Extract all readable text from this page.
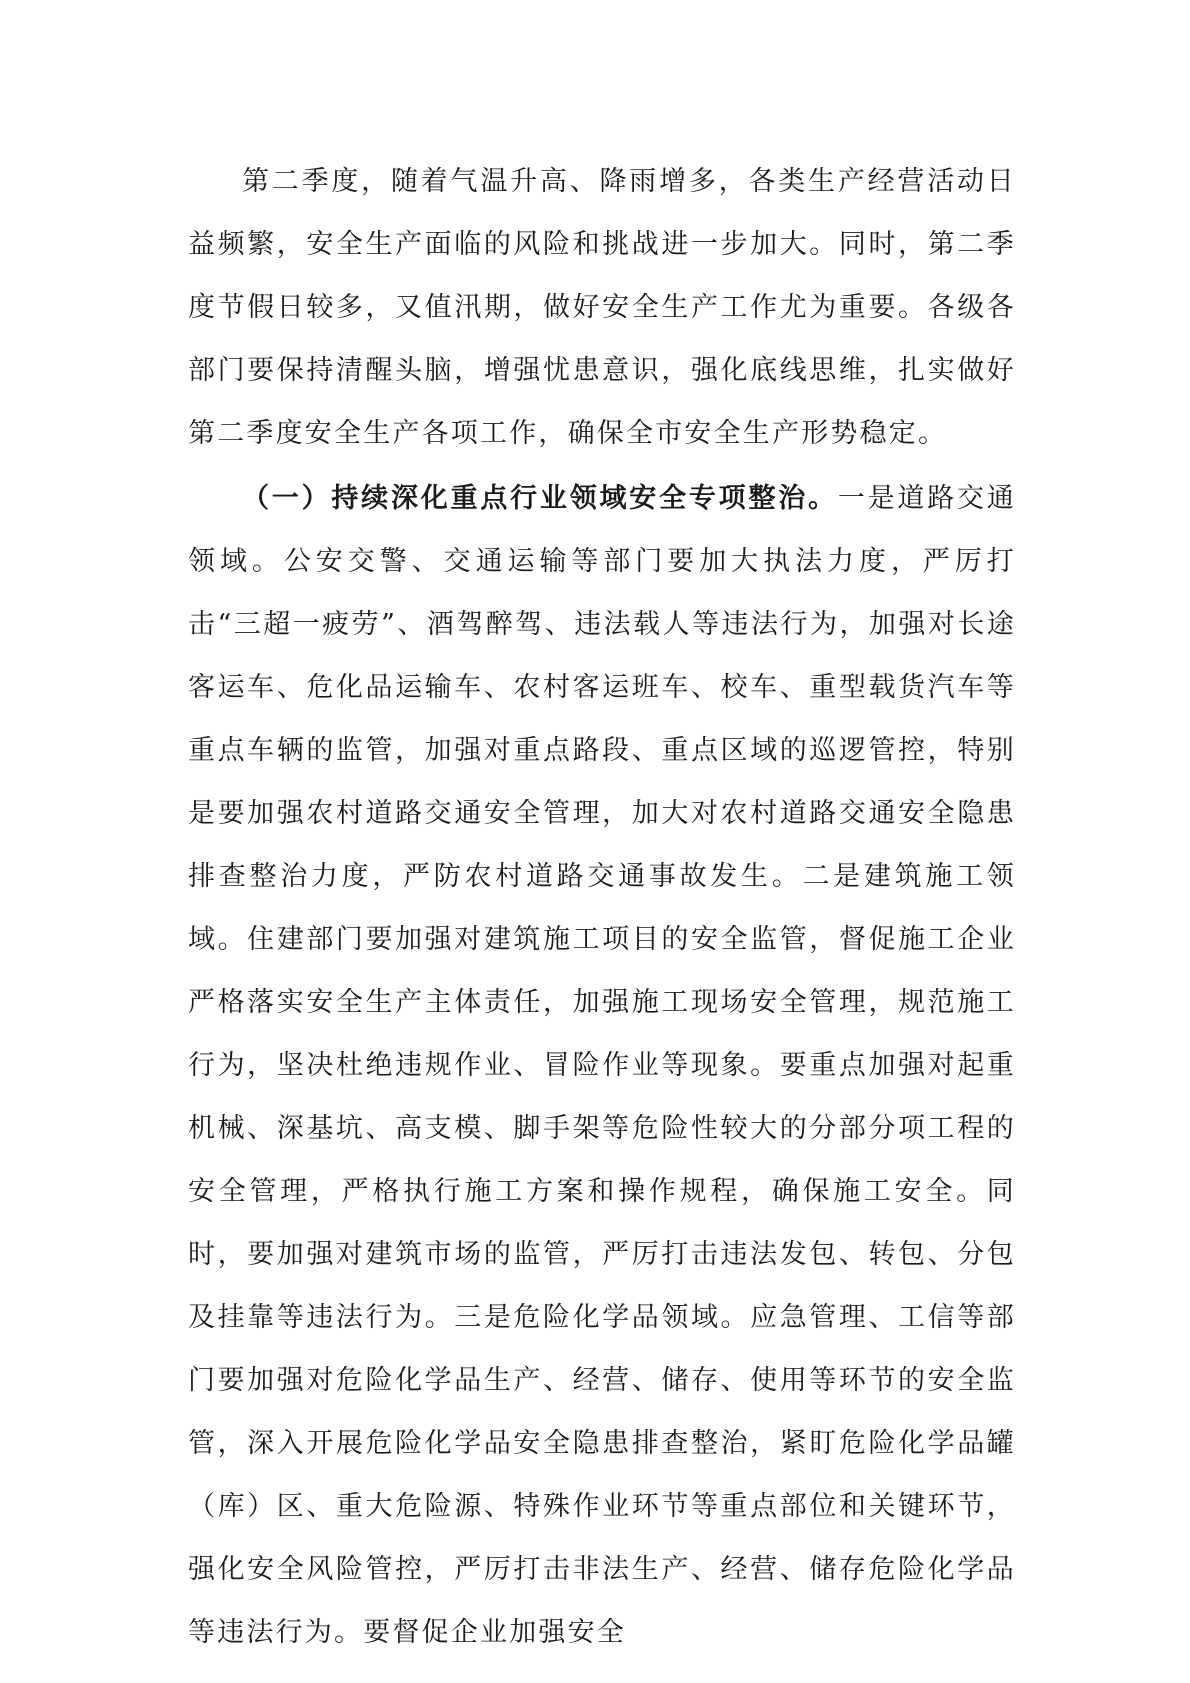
第二季度，随着气温升高、降雨增多，各类生产经营活动日益频繁，安全生产面临的风险和挑战进一步加大。同时，第二季度节假日较多，又值汛期，做好安全生产工作尤为重要。各级各部门要保持清醒头脑，增强忧患意识，强化底线思维，扎实做好第二季度安全生产各项工作，确保全市安全生产形势稳定。

（一）持续深化重点行业领域安全专项整治。一是道路交通领域。公安交警、交通运输等部门要加大执法力度，严厉打击“三超一疲劳”、酒驾醉驾、违法载人等违法行为，加强对长途客运车、危化品运输车、农村客运班车、校车、重型载货汽车等重点车辆的监管，加强对重点路段、重点区域的巡逻管控，特别是要加强农村道路交通安全管理，加大对农村道路交通安全隐患排查整治力度，严防农村道路交通事故发生。二是建筑施工领域。住建部门要加强对建筑施工项目的安全监管，督促施工企业严格落实安全生产主体责任，加强施工现场安全管理，规范施工行为，坚决杜绝违规作业、冒险作业等现象。要重点加强对起重机械、深基坑、高支模、脚手架等危险性较大的分部分项工程的安全管理，严格执行施工方案和操作规程，确保施工安全。同时，要加强对建筑市场的监管，严厉打击违法发包、转包、分包及挂靠等违法行为。三是危险化学品领域。应急管理、工信等部门要加强对危险化学品生产、经营、储存、使用等环节的安全监管，深入开展危险化学品安全隐患排查整治，紧盯危险化学品罐（库）区、重大危险源、特殊作业环节等重点部位和关键环节，强化安全风险管控，严厉打击非法生产、经营、储存危险化学品等违法行为。要督促企业加强安全
